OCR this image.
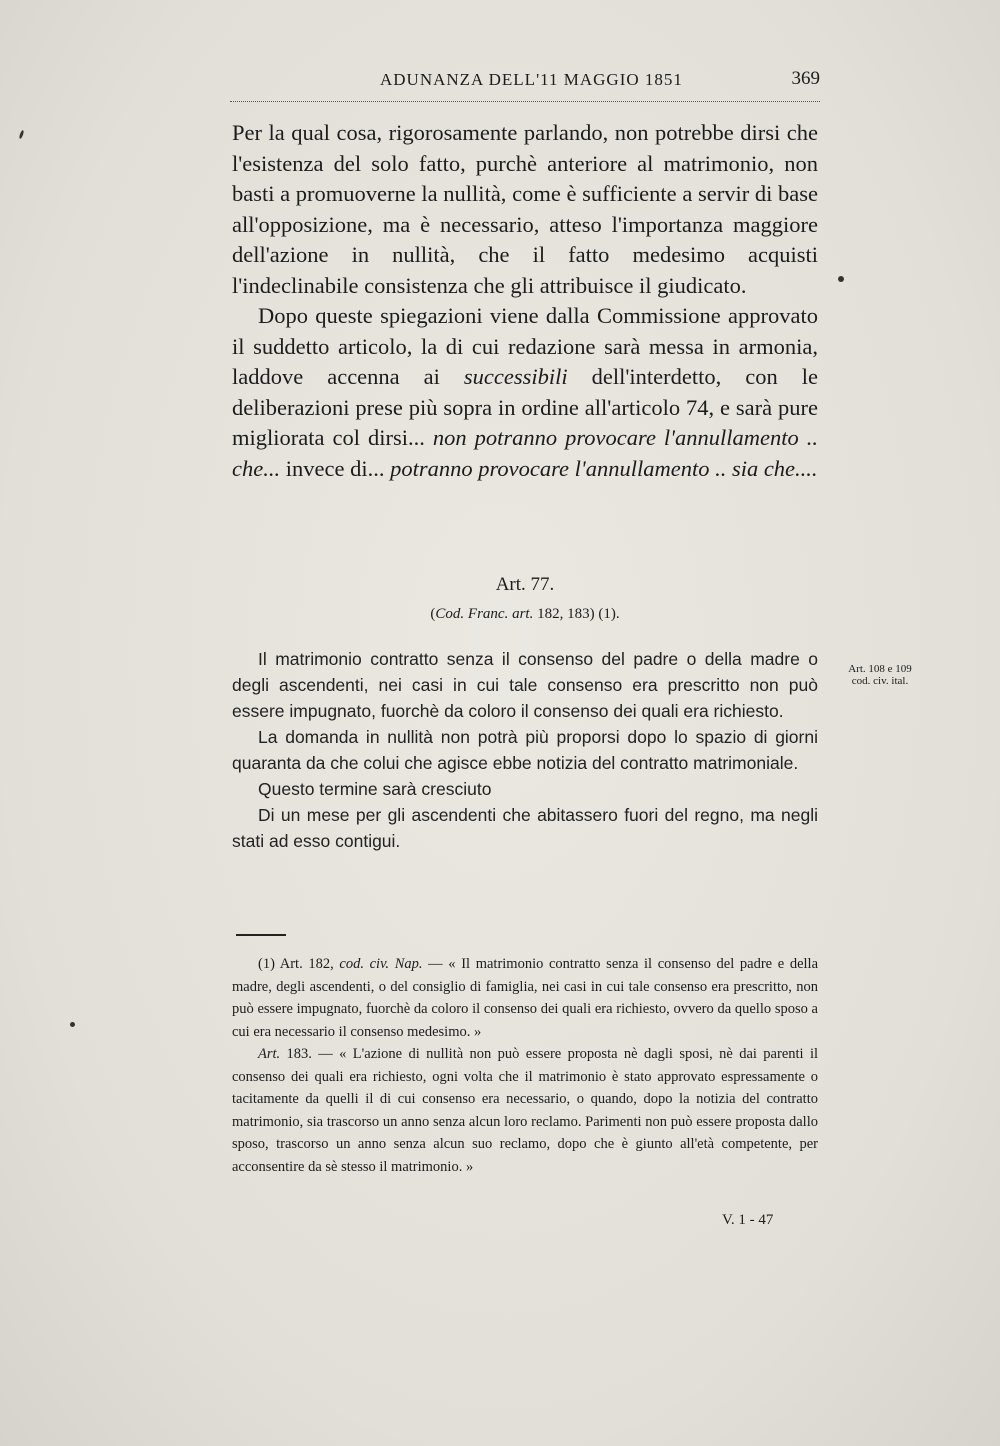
ADUNANZA DELL'11 MAGGIO 1851	369

Per la qual cosa, rigorosamente parlando, non potrebbe dirsi che l'esistenza del solo fatto, purchè anteriore al matrimonio, non basti a promuoverne la nullità, come è sufficiente a servir di base all'opposizione, ma è necessario, atteso l'importanza maggiore dell'azione in nullità, che il fatto medesimo acquisti l'indeclinabile consistenza che gli attribuisce il giudicato.

Dopo queste spiegazioni viene dalla Commissione approvato il suddetto articolo, la di cui redazione sarà messa in armonia, laddove accenna ai successibili dell'interdetto, con le deliberazioni prese più sopra in ordine all'articolo 74, e sarà pure migliorata col dirsi... non potranno provocare l'annullamento .. che... invece di... potranno provocare l'annullamento .. sia che....

Art. 77.
(Cod. Franc. art. 182, 183) (1).

Il matrimonio contratto senza il consenso del padre o della madre o degli ascendenti, nei casi in cui tale consenso era prescritto non può essere impugnato, fuorchè da coloro il consenso dei quali era richiesto.

La domanda in nullità non potrà più proporsi dopo lo spazio di giorni quaranta da che colui che agisce ebbe notizia del contratto matrimoniale.

Questo termine sarà cresciuto

Di un mese per gli ascendenti che abitassero fuori del regno, ma negli stati ad esso contigui.

Art. 108 e 109
cod. civ. ital.

(1) Art. 182, cod. civ. Nap. — « Il matrimonio contratto senza il consenso del padre e della madre, degli ascendenti, o del consiglio di famiglia, nei casi in cui tale consenso era prescritto, non può essere impugnato, fuorchè da coloro il consenso dei quali era richiesto, ovvero da quello sposo a cui era necessario il consenso medesimo. »

Art. 183. — « L'azione di nullità non può essere proposta nè dagli sposi, nè dai parenti il consenso dei quali era richiesto, ogni volta che il matrimonio è stato approvato espressamente o tacitamente da quelli il di cui consenso era necessario, o quando, dopo la notizia del contratto matrimonio, sia trascorso un anno senza alcun loro reclamo. Parimenti non può essere proposta dallo sposo, trascorso un anno senza alcun suo reclamo, dopo che è giunto all'età competente, per acconsentire da sè stesso il matrimonio. »

V. 1 - 47
